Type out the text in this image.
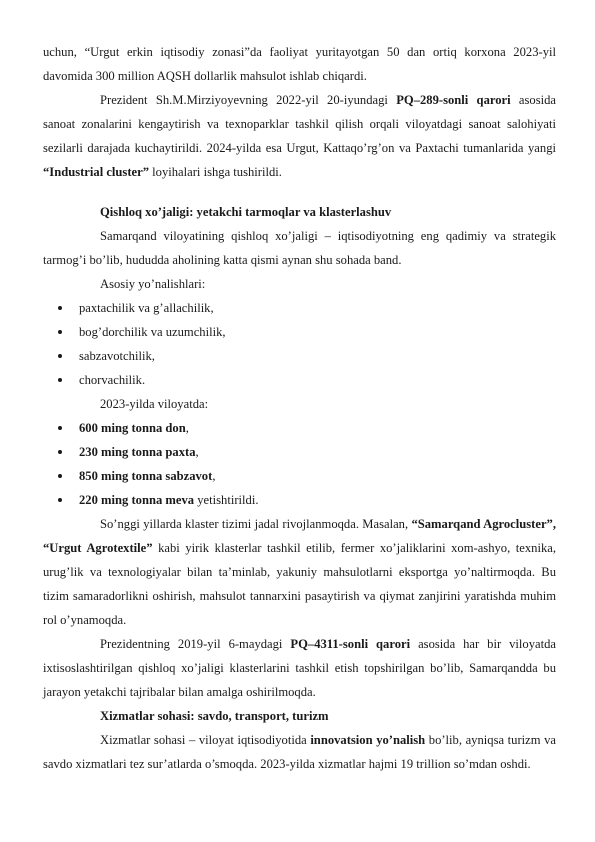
uchun, “Urgut erkin iqtisodiy zonasi”da faoliyat yuritayotgan 50 dan ortiq korxona 2023-yil davomida 300 million AQSH dollarlik mahsulot ishlab chiqardi.

Prezident Sh.M.Mirziyoyevning 2022-yil 20-iyundagi PQ–289-sonli qarori asosida sanoat zonalarini kengaytirish va texnoparklar tashkil qilish orqali viloyatdagi sanoat salohiyati sezilarli darajada kuchaytirildi. 2024-yilda esa Urgut, Kattaqo’rg’on va Paxtachi tumanlarida yangi “Industrial cluster” loyihalari ishga tushirildi.

Qishloq xo’jaligi: yetakchi tarmoqlar va klasterlashuv

Samarqand viloyatining qishloq xo’jaligi – iqtisodiyotning eng qadimiy va strategik tarmog’i bo’lib, hududda aholining katta qismi aynan shu sohada band.

Asosiy yo’nalishlari:

paxtachilik va g’allachilik,
bog’dorchilik va uzumchilik,
sabzavotchilik,
chorvachilik.

2023-yilda viloyatda:

600 ming tonna don,
230 ming tonna paxta,
850 ming tonna sabzavot,
220 ming tonna meva yetishtirildi.

So’nggi yillarda klaster tizimi jadal rivojlanmoqda. Masalan, “Samarqand Agrocluster”, “Urgut Agrotextile” kabi yirik klasterlar tashkil etilib, fermer xo’jaliklarini xom-ashyo, texnika, urug’lik va texnologiyalar bilan ta’minlab, yakuniy mahsulotlarni eksportga yo’naltirmoqda. Bu tizim samaradorlikni oshirish, mahsulot tannarxini pasaytirish va qiymat zanjirini yaratishda muhim rol o’ynamoqda.

Prezidentning 2019-yil 6-maydagi PQ–4311-sonli qarori asosida har bir viloyatda ixtisoslashtirilgan qishloq xo’jaligi klasterlarini tashkil etish topshirilgan bo’lib, Samarqandda bu jarayon yetakchi tajribalar bilan amalga oshirilmoqda.

Xizmatlar sohasi: savdo, transport, turizm

Xizmatlar sohasi – viloyat iqtisodiyotida innovatsion yo’nalish bo’lib, ayniqsa turizm va savdo xizmatlari tez sur’atlarda o’smoqda. 2023-yilda xizmatlar hajmi 19 trillion so’mdan oshdi.
